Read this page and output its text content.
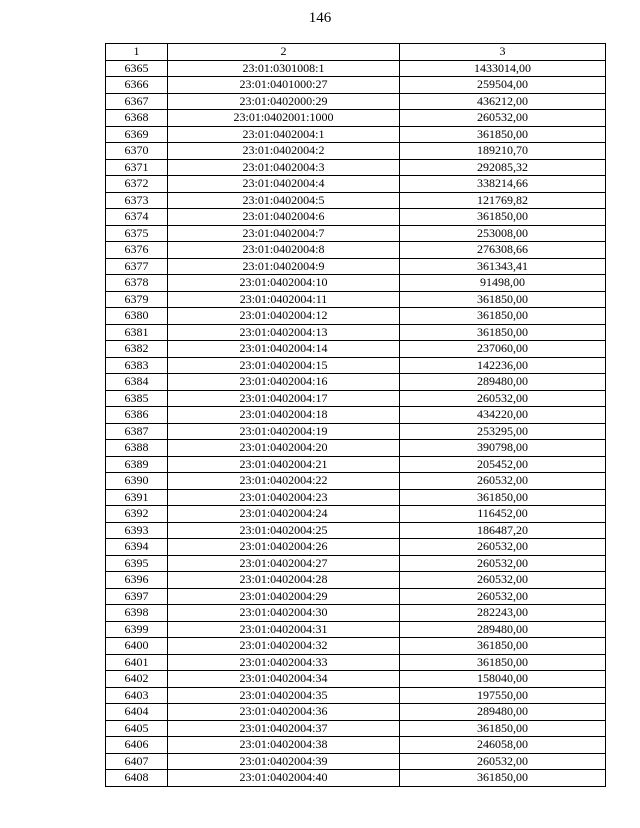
146
1	2	3
6365	23:01:0301008:1	1433014,00
6366	23:01:0401000:27	259504,00
6367	23:01:0402000:29	436212,00
6368	23:01:0402001:1000	260532,00
6369	23:01:0402004:1	361850,00
6370	23:01:0402004:2	189210,70
6371	23:01:0402004:3	292085,32
6372	23:01:0402004:4	338214,66
6373	23:01:0402004:5	121769,82
6374	23:01:0402004:6	361850,00
6375	23:01:0402004:7	253008,00
6376	23:01:0402004:8	276308,66
6377	23:01:0402004:9	361343,41
6378	23:01:0402004:10	91498,00
6379	23:01:0402004:11	361850,00
6380	23:01:0402004:12	361850,00
6381	23:01:0402004:13	361850,00
6382	23:01:0402004:14	237060,00
6383	23:01:0402004:15	142236,00
6384	23:01:0402004:16	289480,00
6385	23:01:0402004:17	260532,00
6386	23:01:0402004:18	434220,00
6387	23:01:0402004:19	253295,00
6388	23:01:0402004:20	390798,00
6389	23:01:0402004:21	205452,00
6390	23:01:0402004:22	260532,00
6391	23:01:0402004:23	361850,00
6392	23:01:0402004:24	116452,00
6393	23:01:0402004:25	186487,20
6394	23:01:0402004:26	260532,00
6395	23:01:0402004:27	260532,00
6396	23:01:0402004:28	260532,00
6397	23:01:0402004:29	260532,00
6398	23:01:0402004:30	282243,00
6399	23:01:0402004:31	289480,00
6400	23:01:0402004:32	361850,00
6401	23:01:0402004:33	361850,00
6402	23:01:0402004:34	158040,00
6403	23:01:0402004:35	197550,00
6404	23:01:0402004:36	289480,00
6405	23:01:0402004:37	361850,00
6406	23:01:0402004:38	246058,00
6407	23:01:0402004:39	260532,00
6408	23:01:0402004:40	361850,00
